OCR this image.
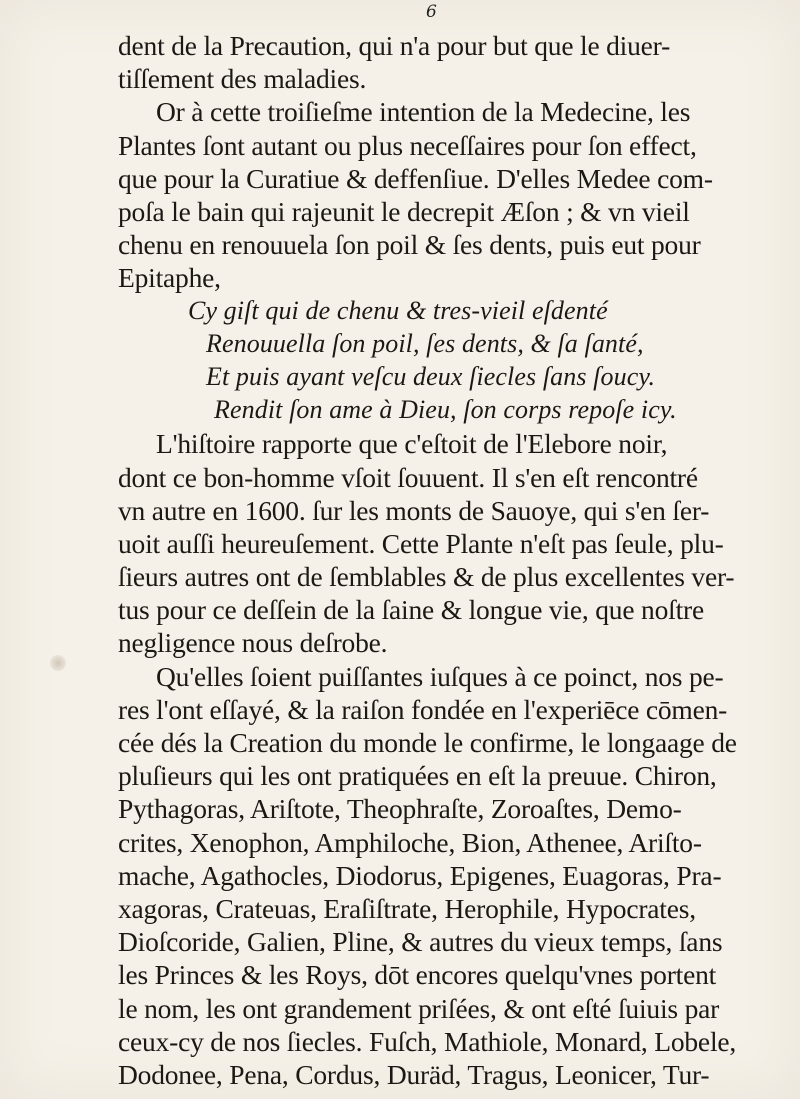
6
dent de la Precaution, qui n'a pour but que le diuer-
tiſſement des maladies.
Or à cette troiſieſme intention de la Medecine, les
Plantes ſont autant ou plus neceſſaires pour ſon effect,
que pour la Curatiue & deffenſiue. D'elles Medee com-
poſa le bain qui rajeunit le decrepit Æſon ; & vn vieil
chenu en renouuela ſon poil & ſes dents, puis eut pour
Epitaphe,
Cy giſt qui de chenu & tres-vieil eſdenté
Renouuella ſon poil, ſes dents, & ſa ſanté,
Et puis ayant veſcu deux ſiecles ſans ſoucy.
Rendit ſon ame à Dieu, ſon corps repoſe icy.
L'hiſtoire rapporte que c'eſtoit de l'Elebore noir,
dont ce bon-homme vſoit ſouuent. Il s'en eſt rencontré
vn autre en 1600. ſur les monts de Sauoye, qui s'en ſer-
uoit auſſi heureuſement. Cette Plante n'eſt pas ſeule, plu-
ſieurs autres ont de ſemblables & de plus excellentes ver-
tus pour ce deſſein de la ſaine & longue vie, que noſtre
negligence nous deſrobe.
Qu'elles ſoient puiſſantes iuſques à ce poinct, nos pe-
res l'ont eſſayé, & la raiſon fondée en l'experiēce cōmen-
cée dés la Creation du monde le confirme, le longaage de
pluſieurs qui les ont pratiquées en eſt la preuue. Chiron,
Pythagoras, Ariſtote, Theophraſte, Zoroaſtes, Demo-
crites, Xenophon, Amphiloche, Bion, Athenee, Ariſto-
mache, Agathocles, Diodorus, Epigenes, Euagoras, Pra-
xagoras, Crateuas, Eraſiſtrate, Herophile, Hypocrates,
Dioſcoride, Galien, Pline, & autres du vieux temps, ſans
les Princes & les Roys, dōt encores quelqu'vnes portent
le nom, les ont grandement priſées, & ont eſté ſuiuis par
ceux-cy de nos ſiecles. Fuſch, Mathiole, Monard, Lobele,
Dodonee, Pena, Cordus, Duräd, Tragus, Leonicer, Tur-
